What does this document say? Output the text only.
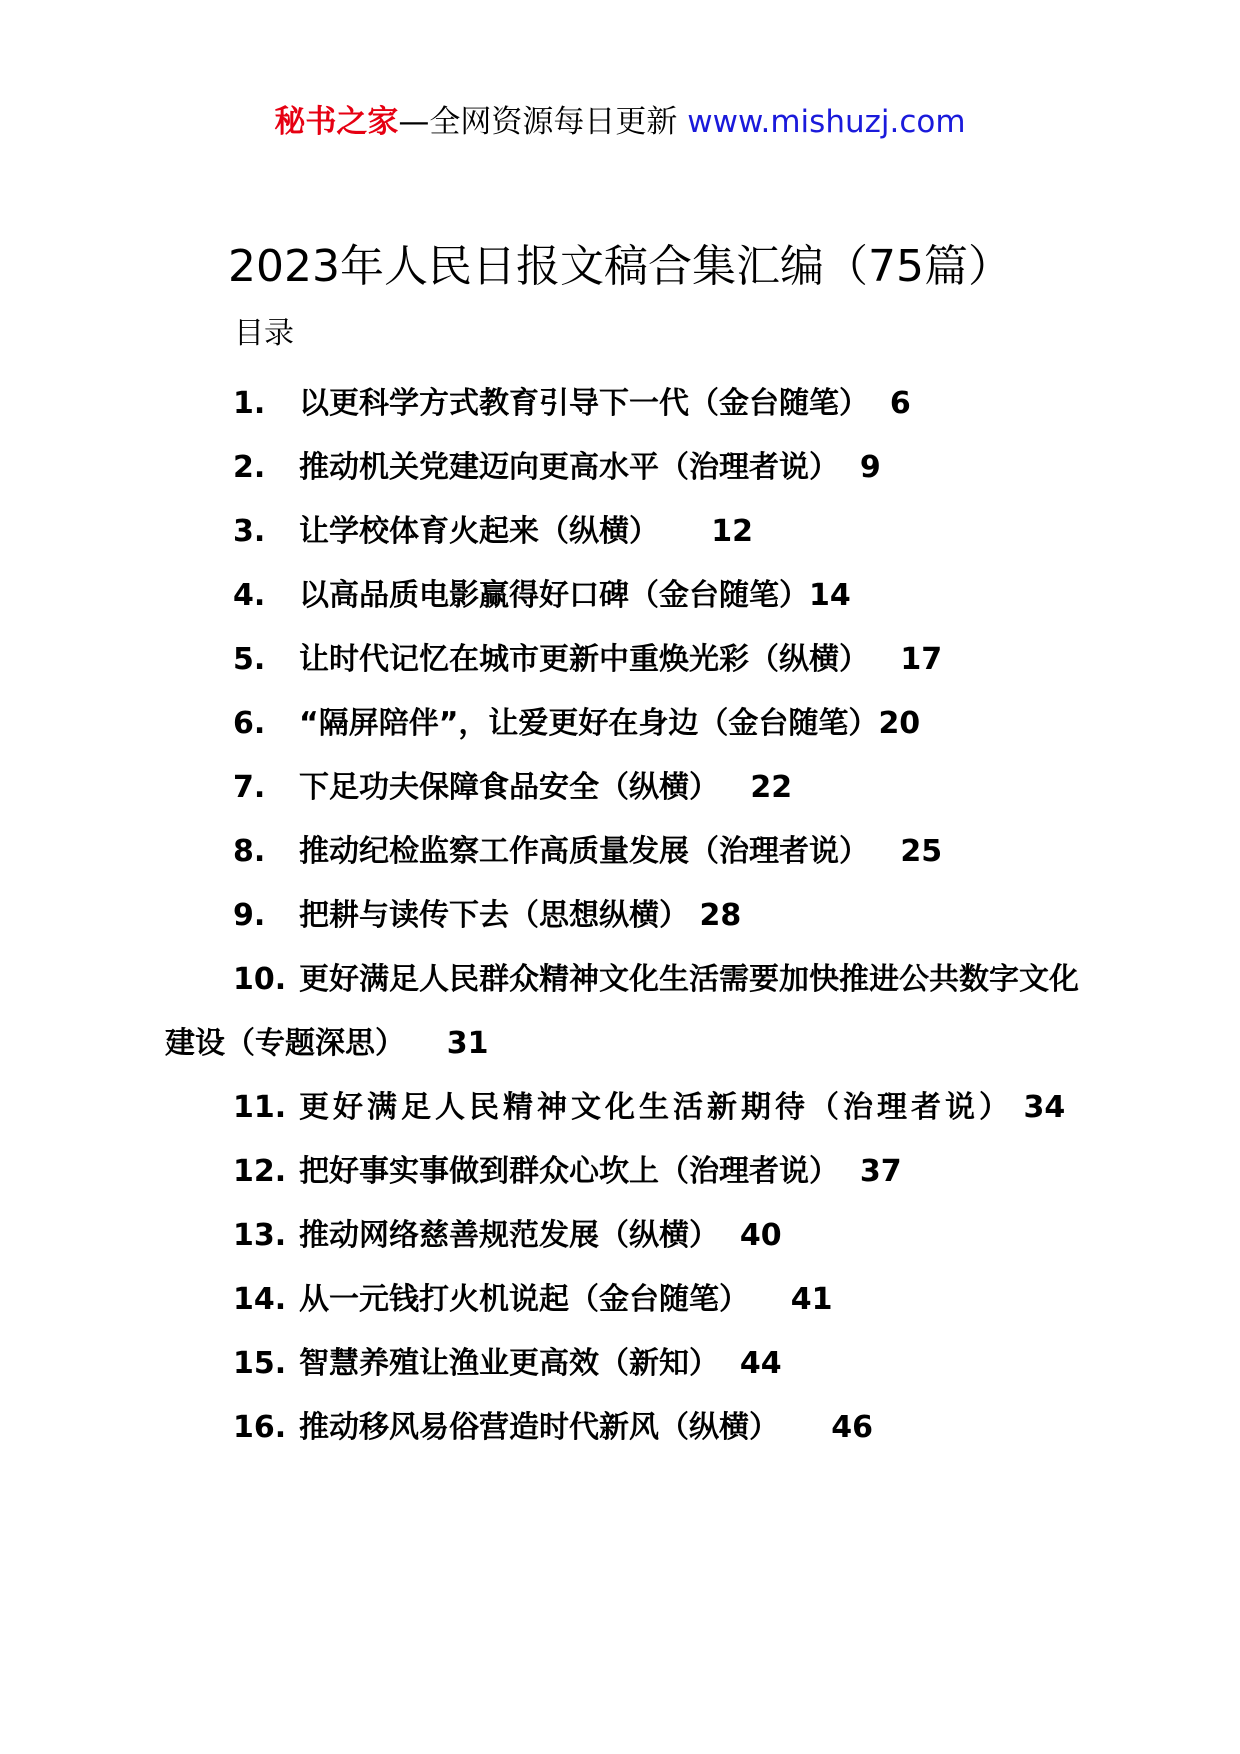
秘书之家—全网资源每日更新 www.mishuzj.com
2023年人民日报文稿合集汇编（75篇）
目录
1. 以更科学方式教育引导下一代（金台随笔） 6
2. 推动机关党建迈向更高水平（治理者说） 9
3. 让学校体育火起来（纵横） 12
4. 以高品质电影赢得好口碑（金台随笔）14
5. 让时代记忆在城市更新中重焕光彩（纵横） 17
6. “隔屏陪伴”，让爱更好在身边（金台随笔）20
7. 下足功夫保障食品安全（纵横） 22
8. 推动纪检监察工作高质量发展（治理者说） 25
9. 把耕与读传下去（思想纵横） 28
10. 更好满足人民群众精神文化生活需要加快推进公共数字文化建设（专题深思） 31
11. 更好满足人民精神文化生活新期待（治理者说） 34
12. 把好事实事做到群众心坎上（治理者说） 37
13. 推动网络慈善规范发展（纵横） 40
14. 从一元钱打火机说起（金台随笔） 41
15. 智慧养殖让渔业更高效（新知） 44
16. 推动移风易俗营造时代新风（纵横） 46
